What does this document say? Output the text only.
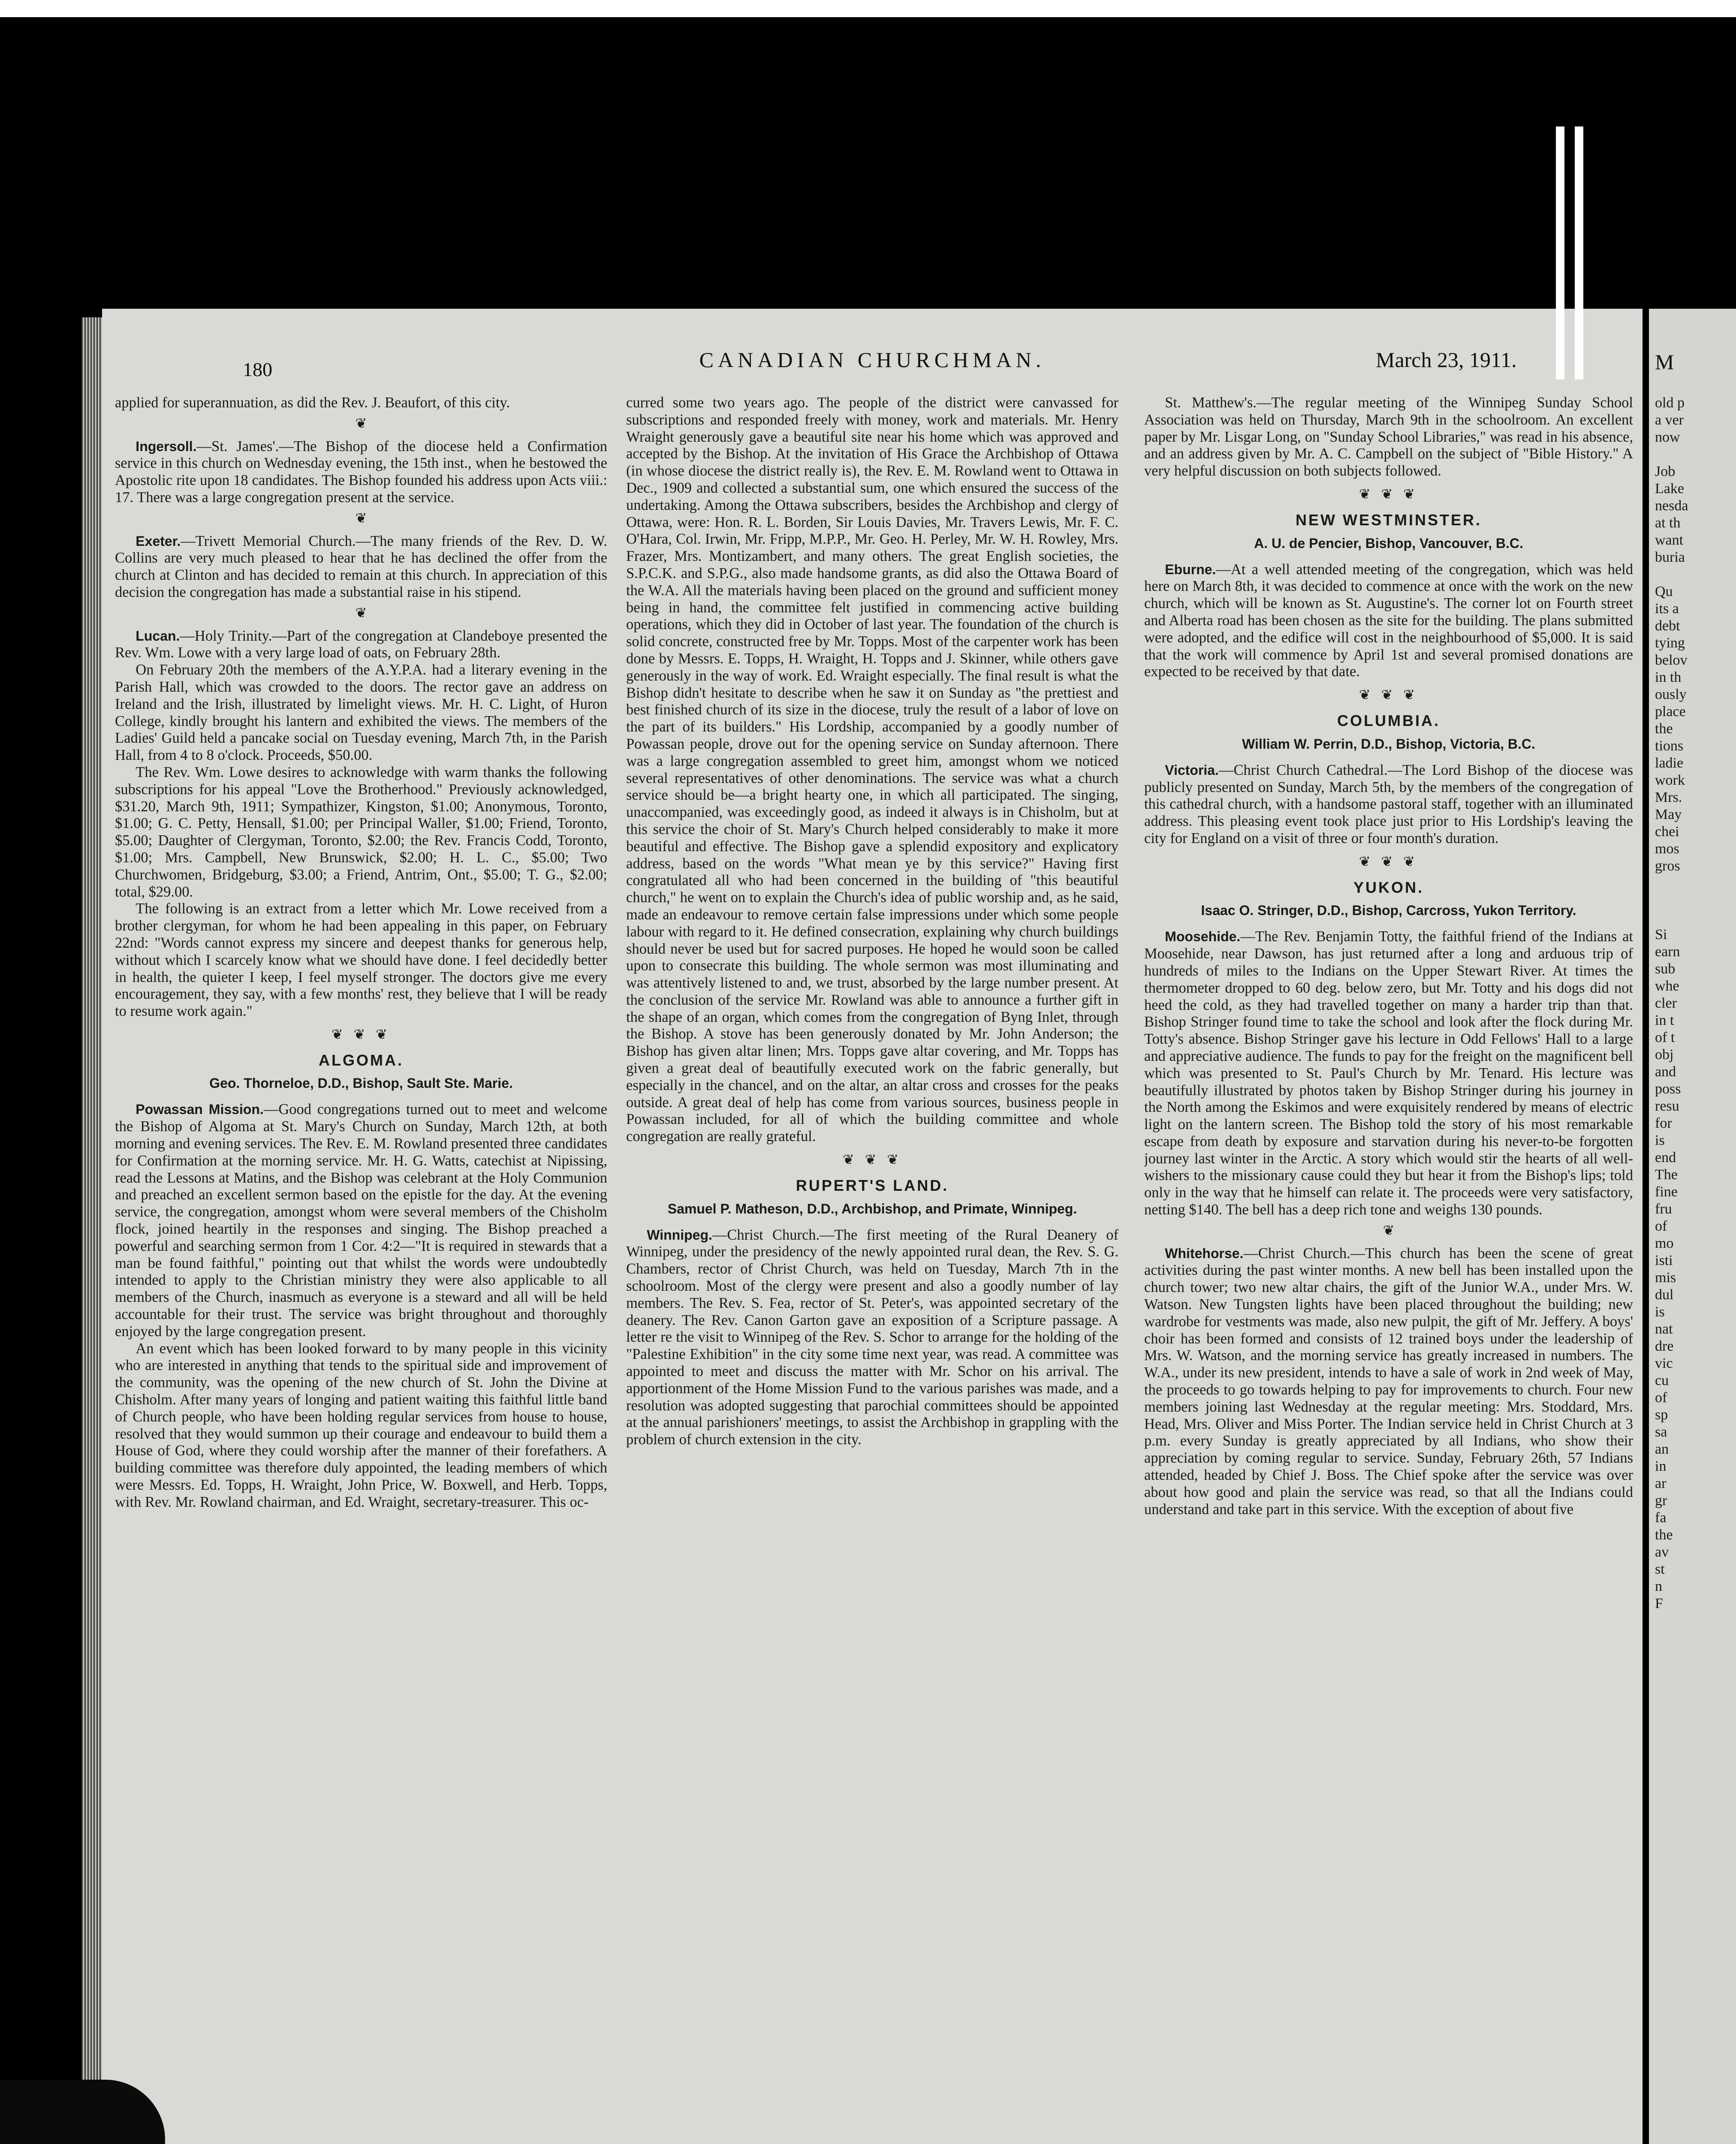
180	CANADIAN CHURCHMAN.	March 23, 1911.

applied for superannuation, as did the Rev. J. Beaufort, of this city.

❦

Ingersoll.—St. James'.—The Bishop of the diocese held a Confirmation service in this church on Wednesday evening, the 15th inst., when he bestowed the Apostolic rite upon 18 candidates. The Bishop founded his address upon Acts viii.: 17. There was a large congregation present at the service.

❦

Exeter.—Trivett Memorial Church.—The many friends of the Rev. D. W. Collins are very much pleased to hear that he has declined the offer from the church at Clinton and has decided to remain at this church. In appreciation of this decision the congregation has made a substantial raise in his stipend.

❦

Lucan.—Holy Trinity.—Part of the congregation at Clandeboye presented the Rev. Wm. Lowe with a very large load of oats, on February 28th.

On February 20th the members of the A.Y.P.A. had a literary evening in the Parish Hall, which was crowded to the doors. The rector gave an address on Ireland and the Irish, illustrated by limelight views. Mr. H. C. Light, of Huron College, kindly brought his lantern and exhibited the views. The members of the Ladies' Guild held a pancake social on Tuesday evening, March 7th, in the Parish Hall, from 4 to 8 o'clock. Proceeds, $50.00.

The Rev. Wm. Lowe desires to acknowledge with warm thanks the following subscriptions for his appeal "Love the Brotherhood." Previously acknowledged, $31.20, March 9th, 1911; Sympathizer, Kingston, $1.00; Anonymous, Toronto, $1.00; G. C. Petty, Hensall, $1.00; per Principal Waller, $1.00; Friend, Toronto, $5.00; Daughter of Clergyman, Toronto, $2.00; the Rev. Francis Codd, Toronto, $1.00; Mrs. Campbell, New Brunswick, $2.00; H. L. C., $5.00; Two Churchwomen, Bridgeburg, $3.00; a Friend, Antrim, Ont., $5.00; T. G., $2.00; total, $29.00.

The following is an extract from a letter which Mr. Lowe received from a brother clergyman, for whom he had been appealing in this paper, on February 22nd: "Words cannot express my sincere and deepest thanks for generous help, without which I scarcely know what we should have done. I feel decidedly better in health, the quieter I keep, I feel myself stronger. The doctors give me every encouragement, they say, with a few months' rest, they believe that I will be ready to resume work again."

❦ ❦ ❦
ALGOMA.
Geo. Thorneloe, D.D., Bishop, Sault Ste. Marie.

Powassan Mission.—Good congregations turned out to meet and welcome the Bishop of Algoma at St. Mary's Church on Sunday, March 12th, at both morning and evening services. The Rev. E. M. Rowland presented three candidates for Confirmation at the morning service. Mr. H. G. Watts, catechist at Nipissing, read the Lessons at Matins, and the Bishop was celebrant at the Holy Communion and preached an excellent sermon based on the epistle for the day. At the evening service, the congregation, amongst whom were several members of the Chisholm flock, joined heartily in the responses and singing. The Bishop preached a powerful and searching sermon from 1 Cor. 4:2—"It is required in stewards that a man be found faithful," pointing out that whilst the words were undoubtedly intended to apply to the Christian ministry they were also applicable to all members of the Church, inasmuch as everyone is a steward and all will be held accountable for their trust. The service was bright throughout and thoroughly enjoyed by the large congregation present.

An event which has been looked forward to by many people in this vicinity who are interested in anything that tends to the spiritual side and improvement of the community, was the opening of the new church of St. John the Divine at Chisholm. After many years of longing and patient waiting this faithful little band of Church people, who have been holding regular services from house to house, resolved that they would summon up their courage and endeavour to build them a House of God, where they could worship after the manner of their forefathers. A building committee was therefore duly appointed, the leading members of which were Messrs. Ed. Topps, H. Wraight, John Price, W. Boxwell, and Herb. Topps, with Rev. Mr. Rowland chairman, and Ed. Wraight, secretary-treasurer. This oc-

curred some two years ago. The people of the district were canvassed for subscriptions and responded freely with money, work and materials. Mr. Henry Wraight generously gave a beautiful site near his home which was approved and accepted by the Bishop. At the invitation of His Grace the Archbishop of Ottawa (in whose diocese the district really is), the Rev. E. M. Rowland went to Ottawa in Dec., 1909 and collected a substantial sum, one which ensured the success of the undertaking. Among the Ottawa subscribers, besides the Archbishop and clergy of Ottawa, were: Hon. R. L. Borden, Sir Louis Davies, Mr. Travers Lewis, Mr. F. C. O'Hara, Col. Irwin, Mr. Fripp, M.P.P., Mr. Geo. H. Perley, Mr. W. H. Rowley, Mrs. Frazer, Mrs. Montizambert, and many others. The great English societies, the S.P.C.K. and S.P.G., also made handsome grants, as did also the Ottawa Board of the W.A. All the materials having been placed on the ground and sufficient money being in hand, the committee felt justified in commencing active building operations, which they did in October of last year. The foundation of the church is solid concrete, constructed free by Mr. Topps. Most of the carpenter work has been done by Messrs. E. Topps, H. Wraight, H. Topps and J. Skinner, while others gave generously in the way of work. Ed. Wraight especially. The final result is what the Bishop didn't hesitate to describe when he saw it on Sunday as "the prettiest and best finished church of its size in the diocese, truly the result of a labor of love on the part of its builders." His Lordship, accompanied by a goodly number of Powassan people, drove out for the opening service on Sunday afternoon. There was a large congregation assembled to greet him, amongst whom we noticed several representatives of other denominations. The service was what a church service should be—a bright hearty one, in which all participated. The singing, unaccompanied, was exceedingly good, as indeed it always is in Chisholm, but at this service the choir of St. Mary's Church helped considerably to make it more beautiful and effective. The Bishop gave a splendid expository and explicatory address, based on the words "What mean ye by this service?" Having first congratulated all who had been concerned in the building of "this beautiful church," he went on to explain the Church's idea of public worship and, as he said, made an endeavour to remove certain false impressions under which some people labour with regard to it. He defined consecration, explaining why church buildings should never be used but for sacred purposes. He hoped he would soon be called upon to consecrate this building. The whole sermon was most illuminating and was attentively listened to and, we trust, absorbed by the large number present. At the conclusion of the service Mr. Rowland was able to announce a further gift in the shape of an organ, which comes from the congregation of Byng Inlet, through the Bishop. A stove has been generously donated by Mr. John Anderson; the Bishop has given altar linen; Mrs. Topps gave altar covering, and Mr. Topps has given a great deal of beautifully executed work on the fabric generally, but especially in the chancel, and on the altar, an altar cross and crosses for the peaks outside. A great deal of help has come from various sources, business people in Powassan included, for all of which the building committee and whole congregation are really grateful.

❦ ❦ ❦
RUPERT'S LAND.
Samuel P. Matheson, D.D., Archbishop, and Primate, Winnipeg.

Winnipeg.—Christ Church.—The first meeting of the Rural Deanery of Winnipeg, under the presidency of the newly appointed rural dean, the Rev. S. G. Chambers, rector of Christ Church, was held on Tuesday, March 7th in the schoolroom. Most of the clergy were present and also a goodly number of lay members. The Rev. S. Fea, rector of St. Peter's, was appointed secretary of the deanery. The Rev. Canon Garton gave an exposition of a Scripture passage. A letter re the visit to Winnipeg of the Rev. S. Schor to arrange for the holding of the "Palestine Exhibition" in the city some time next year, was read. A committee was appointed to meet and discuss the matter with Mr. Schor on his arrival. The apportionment of the Home Mission Fund to the various parishes was made, and a resolution was adopted suggesting that parochial committees should be appointed at the annual parishioners' meetings, to assist the Archbishop in grappling with the problem of church extension in the city.

St. Matthew's.—The regular meeting of the Winnipeg Sunday School Association was held on Thursday, March 9th in the schoolroom. An excellent paper by Mr. Lisgar Long, on "Sunday School Libraries," was read in his absence, and an address given by Mr. A. C. Campbell on the subject of "Bible History." A very helpful discussion on both subjects followed.

❦ ❦ ❦
NEW WESTMINSTER.
A. U. de Pencier, Bishop, Vancouver, B.C.

Eburne.—At a well attended meeting of the congregation, which was held here on March 8th, it was decided to commence at once with the work on the new church, which will be known as St. Augustine's. The corner lot on Fourth street and Alberta road has been chosen as the site for the building. The plans submitted were adopted, and the edifice will cost in the neighbourhood of $5,000. It is said that the work will commence by April 1st and several promised donations are expected to be received by that date.

❦ ❦ ❦
COLUMBIA.
William W. Perrin, D.D., Bishop, Victoria, B.C.

Victoria.—Christ Church Cathedral.—The Lord Bishop of the diocese was publicly presented on Sunday, March 5th, by the members of the congregation of this cathedral church, with a handsome pastoral staff, together with an illuminated address. This pleasing event took place just prior to His Lordship's leaving the city for England on a visit of three or four month's duration.

❦ ❦ ❦
YUKON.
Isaac O. Stringer, D.D., Bishop, Carcross, Yukon Territory.

Moosehide.—The Rev. Benjamin Totty, the faithful friend of the Indians at Moosehide, near Dawson, has just returned after a long and arduous trip of hundreds of miles to the Indians on the Upper Stewart River. At times the thermometer dropped to 60 deg. below zero, but Mr. Totty and his dogs did not heed the cold, as they had travelled together on many a harder trip than that. Bishop Stringer found time to take the school and look after the flock during Mr. Totty's absence. Bishop Stringer gave his lecture in Odd Fellows' Hall to a large and appreciative audience. The funds to pay for the freight on the magnificent bell which was presented to St. Paul's Church by Mr. Tenard. His lecture was beautifully illustrated by photos taken by Bishop Stringer during his journey in the North among the Eskimos and were exquisitely rendered by means of electric light on the lantern screen. The Bishop told the story of his most remarkable escape from death by exposure and starvation during his never-to-be forgotten journey last winter in the Arctic. A story which would stir the hearts of all well-wishers to the missionary cause could they but hear it from the Bishop's lips; told only in the way that he himself can relate it. The proceeds were very satisfactory, netting $140. The bell has a deep rich tone and weighs 130 pounds.

❦

Whitehorse.—Christ Church.—This church has been the scene of great activities during the past winter months. A new bell has been installed upon the church tower; two new altar chairs, the gift of the Junior W.A., under Mrs. W. Watson. New Tungsten lights have been placed throughout the building; new wardrobe for vestments was made, also new pulpit, the gift of Mr. Jeffery. A boys' choir has been formed and consists of 12 trained boys under the leadership of Mrs. W. Watson, and the morning service has greatly increased in numbers. The W.A., under its new president, intends to have a sale of work in 2nd week of May, the proceeds to go towards helping to pay for improvements to church. Four new members joining last Wednesday at the regular meeting: Mrs. Stoddard, Mrs. Head, Mrs. Oliver and Miss Porter. The Indian service held in Christ Church at 3 p.m. every Sunday is greatly appreciated by all Indians, who show their appreciation by coming regular to service. Sunday, February 26th, 57 Indians attended, headed by Chief J. Boss. The Chief spoke after the service was over about how good and plain the service was read, so that all the Indians could understand and take part in this service. With the exception of about five

M
old p
a ver
now

Job
Lake
nesda
at th
want
buria

Qu
its a
debt
tying
belov
in th
ously
place
the
tions
ladie
work
Mrs.
May
chei
mos
gros

Si
earn
sub
whe
cler
in t
of t
obj
and
poss
resu
for
is
end
The
fine
fru
of
mo
isti
mis
dul
is
nat
dre
vic
cu
of
sp
sa
an
in
ar
gr
fa
the
av
st
n
F
